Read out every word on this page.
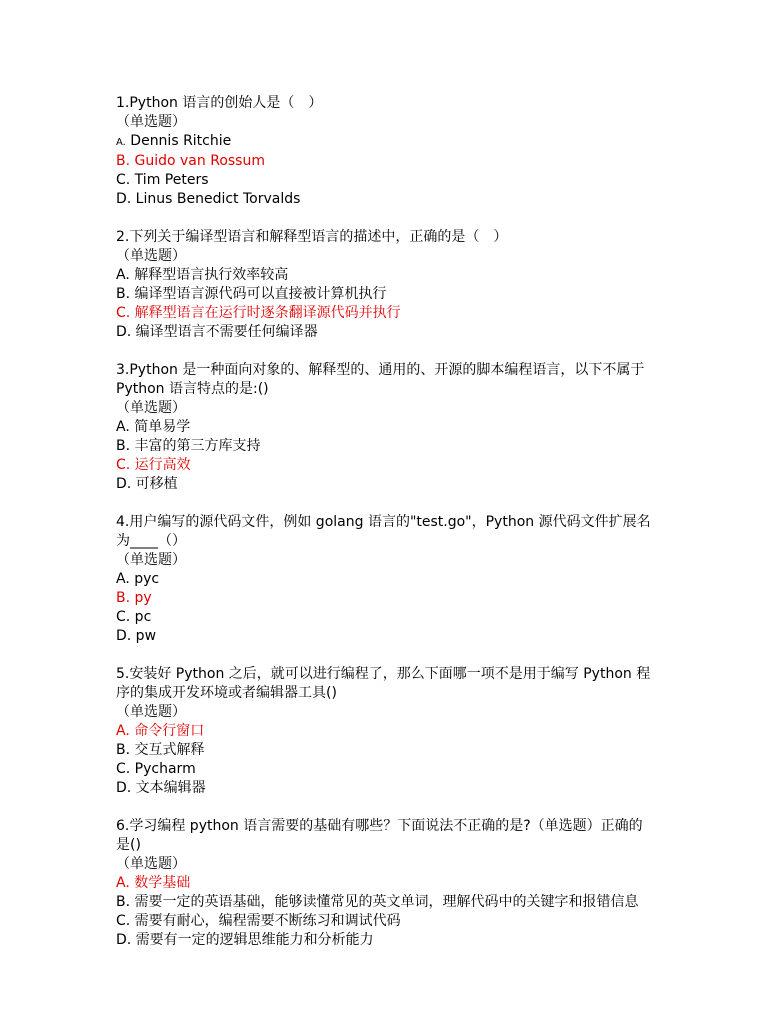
1.Python 语言的创始人是（　）
（单选题）
A. Dennis Ritchie
B. Guido van Rossum
C. Tim Peters
D. Linus Benedict Torvalds
2.下列关于编译型语言和解释型语言的描述中，正确的是（　）
（单选题）
A. 解释型语言执行效率较高
B. 编译型语言源代码可以直接被计算机执行
C. 解释型语言在运行时逐条翻译源代码并执行
D. 编译型语言不需要任何编译器
3.Python 是一种面向对象的、解释型的、通用的、开源的脚本编程语言，以下不属于 Python 语言特点的是:()
（单选题）
A. 简单易学
B. 丰富的第三方库支持
C. 运行高效
D. 可移植
4.用户编写的源代码文件，例如 golang 语言的"test.go"，Python 源代码文件扩展名为____（）
（单选题）
A. pyc
B. py
C. pc
D. pw
5.安装好 Python 之后，就可以进行编程了，那么下面哪一项不是用于编写 Python 程序的集成开发环境或者编辑器工具()
（单选题）
A. 命令行窗口
B. 交互式解释
C. Pycharm
D. 文本编辑器
6.学习编程 python 语言需要的基础有哪些？下面说法不正确的是?（单选题）正确的是()
（单选题）
A. 数学基础
B. 需要一定的英语基础，能够读懂常见的英文单词，理解代码中的关键字和报错信息
C. 需要有耐心，编程需要不断练习和调试代码
D. 需要有一定的逻辑思维能力和分析能力
